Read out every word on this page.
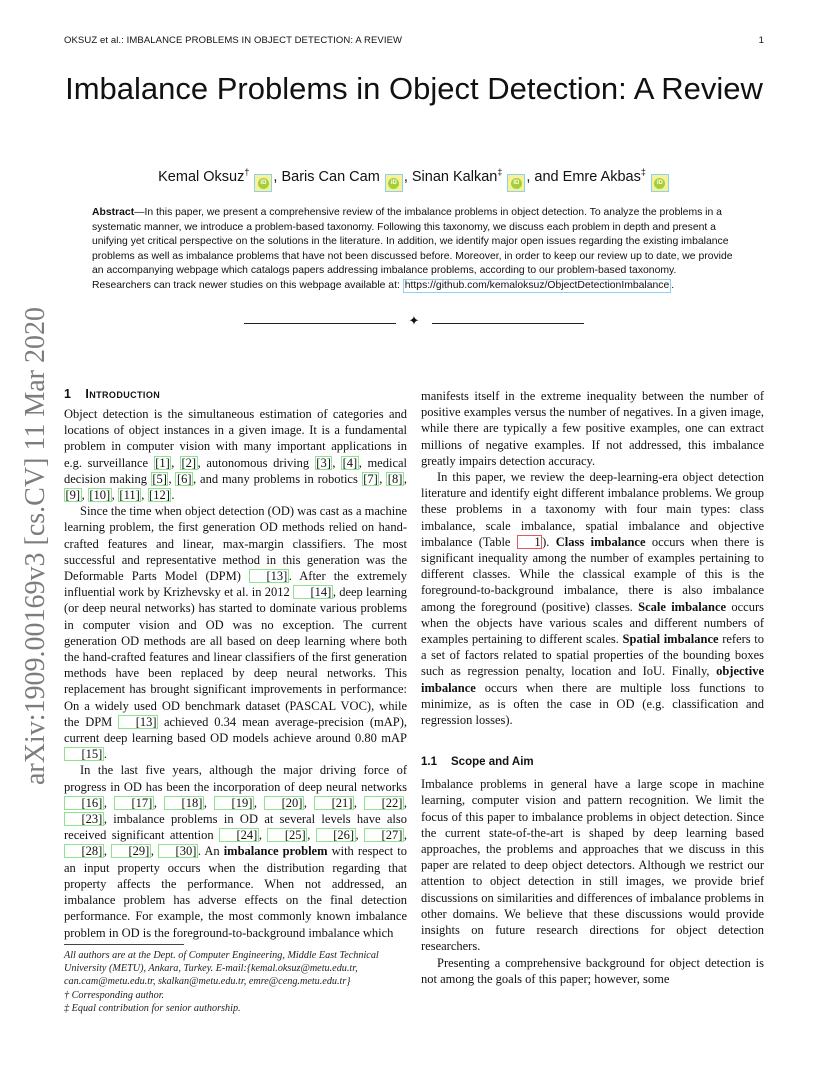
OKSUZ et al.: IMBALANCE PROBLEMS IN OBJECT DETECTION: A REVIEW	1
arXiv:1909.00169v3 [cs.CV] 11 Mar 2020
Imbalance Problems in Object Detection: A Review
Kemal Oksuz†
iD , Baris Can Cam	iD , Sinan Kalkan‡
iD , and Emre Akbas‡
iD
Abstract—In this paper, we present a comprehensive review of the imbalance problems in object detection. To analyze the problems in a systematic manner, we introduce a problem-based taxonomy. Following this taxonomy, we discuss each problem in depth and present a unifying yet critical perspective on the solutions in the literature. In addition, we identify major open issues regarding the existing imbalance problems as well as imbalance problems that have not been discussed before. Moreover, in order to keep our review up to date, we provide an accompanying webpage which catalogs papers addressing imbalance problems, according to our problem-based taxonomy. Researchers can track newer studies on this webpage available at: https://github.com/kemaloksuz/ObjectDetectionImbalance .
✦
1 Introduction

Object detection is the simultaneous estimation of categories and locations of object instances in a given image. It is a fundamental problem in computer vision with many important applications in e.g. surveillance [1] , [2] , autonomous driving [3] , [4] , medical decision making [5] , [6] , and many problems in robotics [7] , [8] , [9] , [10] , [11] , [12] .

Since the time when object detection (OD) was cast as a machine learning problem, the first generation OD methods relied on hand-crafted features and linear, max-margin classifiers. The most successful and representative method in this generation was the Deformable Parts Model (DPM) [13] . After the extremely influential work by Krizhevsky et al. in 2012 [14] , deep learning (or deep neural networks) has started to dominate various problems in computer vision and OD was no exception. The current generation OD methods are all based on deep learning where both the hand-crafted features and linear classifiers of the first generation methods have been replaced by deep neural networks. This replacement has brought significant improvements in performance: On a widely used OD benchmark dataset (PASCAL VOC), while the DPM [13] achieved 0.34 mean average-precision (mAP), current deep learning based OD models achieve around 0.80 mAP [15] .

In the last five years, although the major driving force of progress in OD has been the incorporation of deep neural networks [16] , [17] , [18] , [19] , [20] , [21] , [22] , [23] , imbalance problems in OD at several levels have also received significant attention [24] , [25] , [26] , [27] , [28] , [29] , [30] . An imbalance problem with respect to an input property occurs when the distribution regarding that property affects the performance. When not addressed, an imbalance problem has adverse effects on the final detection performance. For example, the most commonly known imbalance problem in OD is the foreground-to-background imbalance which

manifests itself in the extreme inequality between the number of positive examples versus the number of negatives. In a given image, while there are typically a few positive examples, one can extract millions of negative examples. If not addressed, this imbalance greatly impairs detection accuracy.

In this paper, we review the deep-learning-era object detection literature and identify eight different imbalance problems. We group these problems in a taxonomy with four main types: class imbalance, scale imbalance, spatial imbalance and objective imbalance (Table 1 ). Class imbalance occurs when there is significant inequality among the number of examples pertaining to different classes. While the classical example of this is the foreground-to-background imbalance, there is also imbalance among the foreground (positive) classes. Scale imbalance occurs when the objects have various scales and different numbers of examples pertaining to different scales. Spatial imbalance refers to a set of factors related to spatial properties of the bounding boxes such as regression penalty, location and IoU. Finally, objective imbalance occurs when there are multiple loss functions to minimize, as is often the case in OD (e.g. classification and regression losses).

1.1 Scope and Aim

Imbalance problems in general have a large scope in machine learning, computer vision and pattern recognition. We limit the focus of this paper to imbalance problems in object detection. Since the current state-of-the-art is shaped by deep learning based approaches, the problems and approaches that we discuss in this paper are related to deep object detectors. Although we restrict our attention to object detection in still images, we provide brief discussions on similarities and differences of imbalance problems in other domains. We believe that these discussions would provide insights on future research directions for object detection researchers.

Presenting a comprehensive background for object detection is not among the goals of this paper; however, some

All authors are at the Dept. of Computer Engineering, Middle East Technical University (METU), Ankara, Turkey. E-mail:{kemal.oksuz@metu.edu.tr, can.cam@metu.edu.tr, skalkan@metu.edu.tr, emre@ceng.metu.edu.tr}
† Corresponding author.
‡ Equal contribution for senior authorship.
